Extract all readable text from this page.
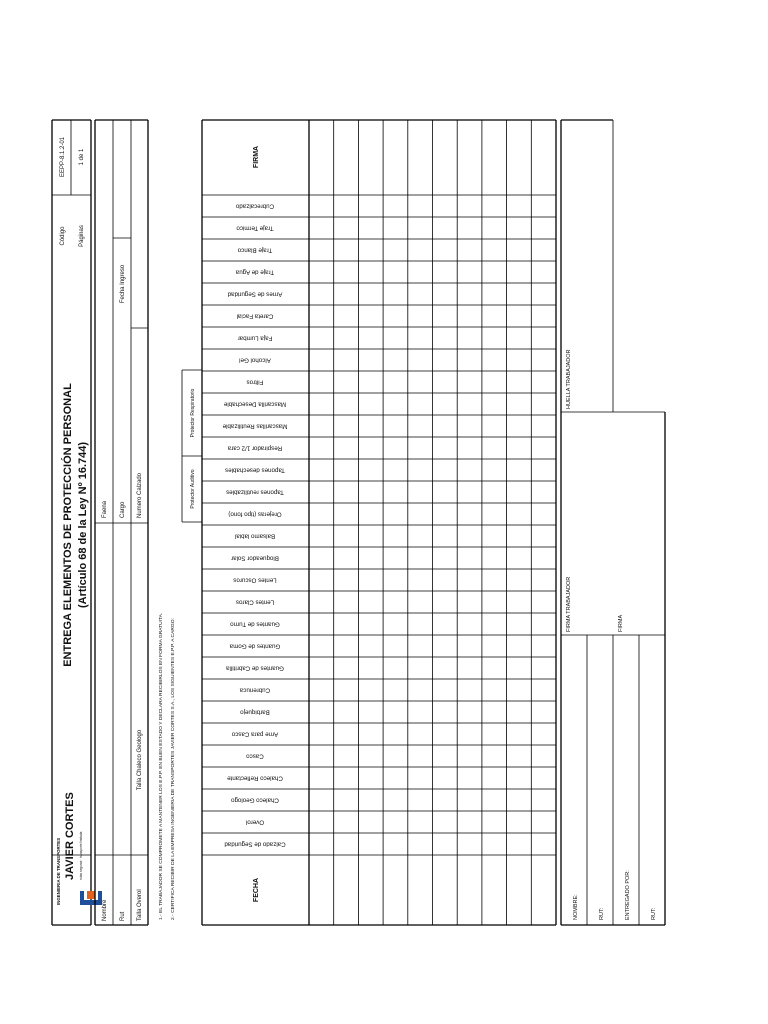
INGENIERIA DE TRANSPORTES JAVIER CORTES rutas seguras · transporte limitada
ENTREGA ELEMENTOS DE PROTECCIÓN PERSONAL (Artículo 68 de la Ley Nº 16.744)
Código Páginas
EEPP-8.1.2-01 1 de 1
Nombre Rut Talla Overol
Talla Chaleco Geologo
Numero Calzado
1.- EL TRABAJADOR SE COMPROMETE A MANTENER LOS E.P.P. EN BUEN ESTADO Y DECLARA RECIBIRLOS EN FORMA GRATUITA. 2.- CERTIFICA RECIBIR DE LA EMPRESA INGENIERIA DE TRANSPORTES JAVIER CORTES S.A., LOS SIGUIENTES E.P.P. A CARGO:	Calzado de Seguridad
Overol
Chaleco Geologo
Chaleco Reflectante
Casco
Arne para Casco
Barbiquejo
Cubrenuca
Guantes de Cabritilla
Guantes de Goma
Guantes de Turno
Lentes Claros
Lentes Oscuros
Bloqueador Solar
Balsamo labial
Orejeras (tipo fono)
Tapones reutilizables
Tapones desechables
Respirador 1/2 cara
Mascarillas Reutilizable
Mascarilla Desechable
Filtros
Alcohol Gel
Faja Lumbar
Careta Facial
Arnes de Seguridad
Traje de Agua
Traje Blanco
Traje Termico
Cubrecalzado
FECHA
FIRMA
Protector Auditivo
Protector Respiratorio
